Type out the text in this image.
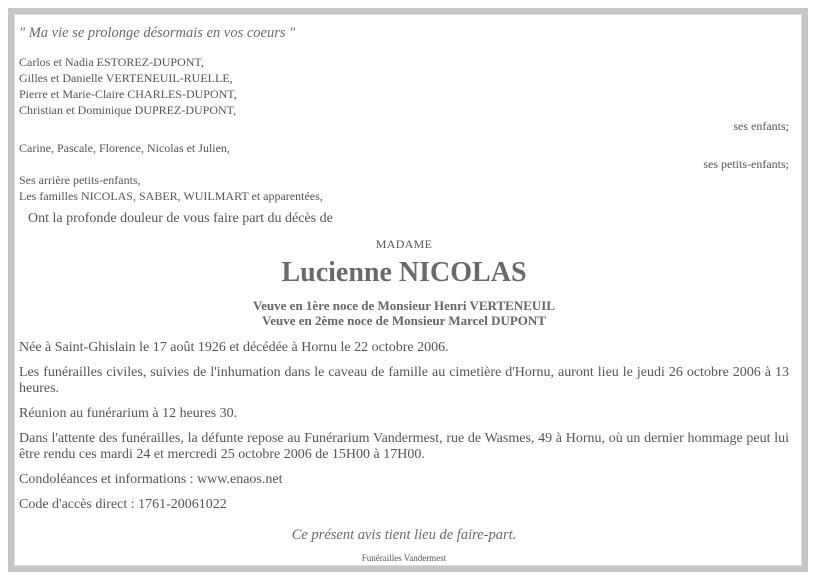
" Ma vie se prolonge désormais en vos coeurs "
Carlos et Nadia ESTOREZ-DUPONT,
Gilles et Danielle VERTENEUIL-RUELLE,
Pierre et Marie-Claire CHARLES-DUPONT,
Christian et Dominique DUPREZ-DUPONT,
ses enfants;
Carine, Pascale, Florence, Nicolas et Julien,
ses petits-enfants;
Ses arrière petits-enfants,
Les familles NICOLAS, SABER, WUILMART et apparentées,
Ont la profonde douleur de vous faire part du décès de
MADAME
Lucienne NICOLAS
Veuve en 1ère noce de Monsieur Henri VERTENEUIL
Veuve en 2ème noce de Monsieur Marcel DUPONT
Née à Saint-Ghislain le 17 août 1926 et décédée à Hornu le 22 octobre 2006.
Les funérailles civiles, suivies de l'inhumation dans le caveau de famille au cimetière d'Hornu, auront lieu le jeudi 26 octobre 2006 à 13 heures.
Réunion au funérarium à 12 heures 30.
Dans l'attente des funérailles, la défunte repose au Funérarium Vandermest, rue de Wasmes, 49 à Hornu, où un dernier hommage peut lui être rendu ces mardi 24 et mercredi 25 octobre 2006 de 15H00 à 17H00.
Condoléances et informations : www.enaos.net
Code d'accès direct : 1761-20061022
Ce présent avis tient lieu de faire-part.
Funérailles Vandermest
